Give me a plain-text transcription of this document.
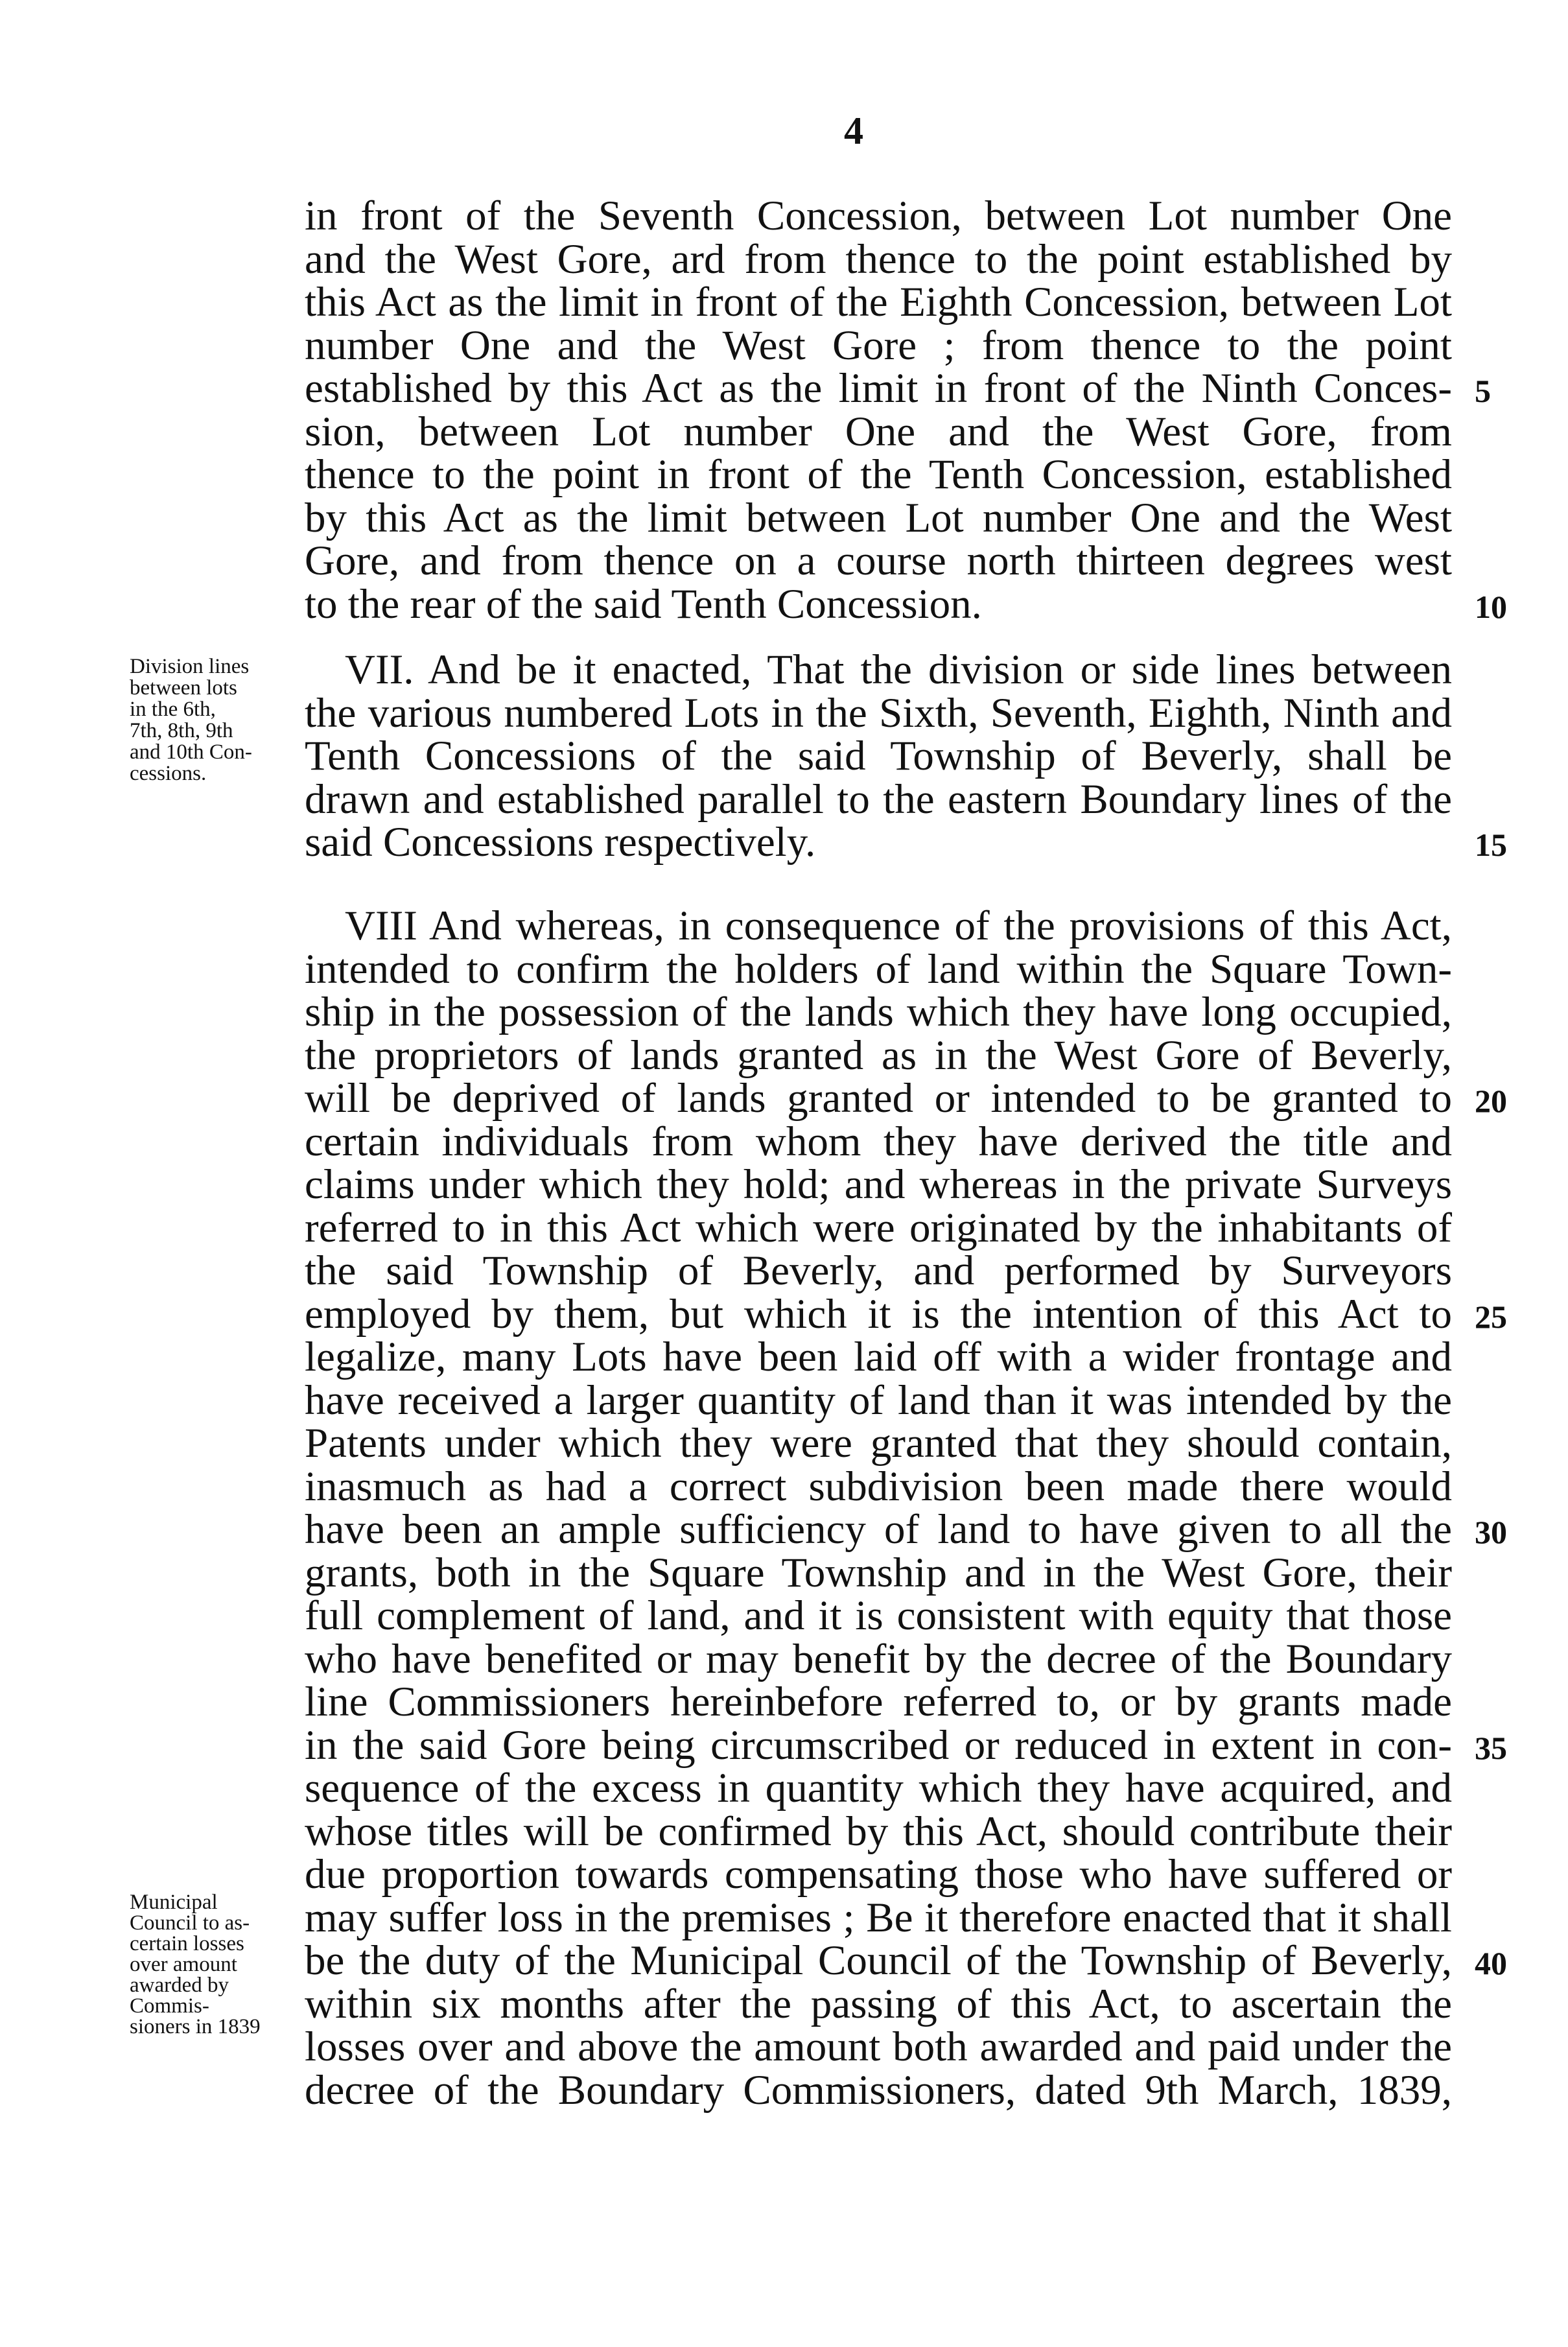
4
in front of the Seventh Concession, between Lot number One
and the West Gore, ard from thence to the point established by
this Act as the limit in front of the Eighth Concession, between Lot
number One and the West Gore ; from thence to the point
established by this Act as the limit in front of the Ninth Conces- 5
sion, between Lot number One and the West Gore, from
thence to the point in front of the Tenth Concession, established
by this Act as the limit between Lot number One and the West
Gore, and from thence on a course north thirteen degrees west
to the rear of the said Tenth Concession.	10
VII. And be it enacted, That the division or side lines between
the various numbered Lots in the Sixth, Seventh, Eighth, Ninth and
Tenth Concessions of the said Township of Beverly, shall be
drawn and established parallel to the eastern Boundary lines of the
said Concessions respectively.	15
VIII And whereas, in consequence of the provisions of this Act,
intended to confirm the holders of land within the Square Town-
ship in the possession of the lands which they have long occupied,
the proprietors of lands granted as in the West Gore of Beverly,
will be deprived of lands granted or intended to be granted to 20
certain individuals from whom they have derived the title and
claims under which they hold; and whereas in the private Surveys
referred to in this Act which were originated by the inhabitants of
the said Township of Beverly, and performed by Surveyors
employed by them, but which it is the intention of this Act to 25
legalize, many Lots have been laid off with a wider frontage and
have received a larger quantity of land than it was intended by the
Patents under which they were granted that they should contain,
inasmuch as had a correct subdivision been made there would
have been an ample sufficiency of land to have given to all the 30
grants, both in the Square Township and in the West Gore, their
full complement of land, and it is consistent with equity that those
who have benefited or may benefit by the decree of the Boundary
line Commissioners hereinbefore referred to, or by grants made
in the said Gore being circumscribed or reduced in extent in con- 35
sequence of the excess in quantity which they have acquired, and
whose titles will be confirmed by this Act, should contribute their
due proportion towards compensating those who have suffered or
may suffer loss in the premises ; Be it therefore enacted that it shall
be the duty of the Municipal Council of the Township of Beverly, 40
within six months after the passing of this Act, to ascertain the
losses over and above the amount both awarded and paid under the
decree of the Boundary Commissioners, dated 9th March, 1839,
Division lines
between lots
in the 6th,
7th, 8th, 9th
and 10th Con-
cessions.
Municipal
Council to as-
certain losses
over amount
awarded by
Commis-
sioners in 1839
